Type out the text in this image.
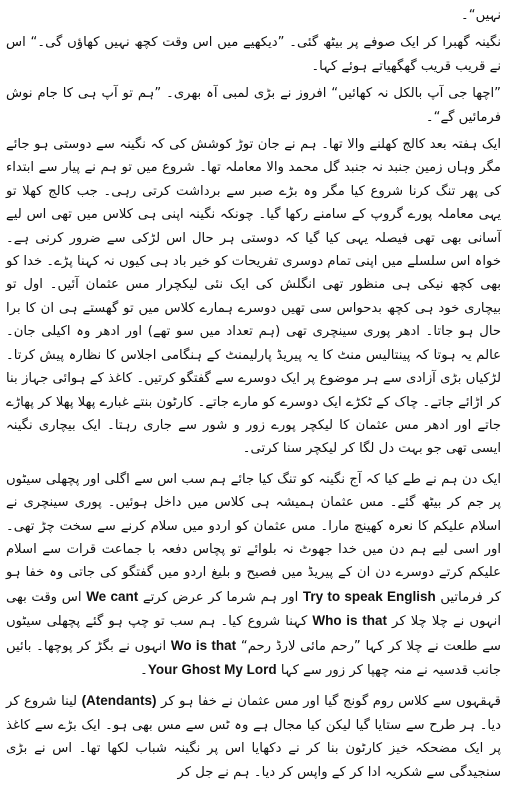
نہیں“۔

نگینہ گھبرا کر ایک صوفے پر بیٹھ گئی۔ ”دیکھیے میں اس وقت کچھ نہیں کھاؤں گی۔“ اس نے قریب قریب گھگھیاتے ہوئے کہا۔

”اچھا جی آپ بالکل نہ کھائیں“ افروز نے بڑی لمبی آہ بھری۔ ”ہم تو آپ ہی کا جام نوش فرمائیں گے“۔

ایک ہفتہ بعد کالج کھلنے والا تھا۔ ہم نے جان توڑ کوشش کی کہ نگینہ سے دوستی ہو جائے مگر وہاں زمین جنبد نہ جنبد گل محمد والا معاملہ تھا۔ شروع میں تو ہم نے پیار سے ابتداء کی پھر تنگ کرنا شروع کیا مگر وہ بڑے صبر سے برداشت کرتی رہی۔ جب کالج کھلا تو یہی معاملہ پورے گروپ کے سامنے رکھا گیا۔ چونکہ نگینہ اپنی ہی کلاس میں تھی اس لیے آسانی بھی تھی فیصلہ یہی کیا گیا کہ دوستی ہر حال اس لڑکی سے ضرور کرنی ہے۔ خواہ اس سلسلے میں اپنی تمام دوسری تفریحات کو خیر باد ہی کیوں نہ کہنا پڑے۔ خدا کو بھی کچھ نیکی ہی منظور تھی انگلش کی ایک نئی لیکچرار مس عثمان آئیں۔ اول تو بیچاری خود ہی کچھ بدحواس سی تھیں دوسرے ہمارے کلاس میں تو گھستے ہی ان کا برا حال ہو جاتا۔ ادھر پوری سینچری تھی (ہم تعداد میں سو تھے) اور ادھر وہ اکیلی جان۔ عالم یہ ہوتا کہ پینتالیس منٹ کا یہ پیریڈ پارلیمنٹ کے ہنگامی اجلاس کا نظارہ پیش کرتا۔ لڑکیاں بڑی آزادی سے ہر موضوع پر ایک دوسرے سے گفتگو کرتیں۔ کاغذ کے ہوائی جہاز بنا کر اڑائے جاتے۔ چاک کے ٹکڑے ایک دوسرے کو مارے جاتے۔ کارٹون بنتے غبارے پھلا پھلا کر پھاڑے جاتے اور ادھر مس عثمان کا لیکچر پورے زور و شور سے جاری رہتا۔ ایک بیچاری نگینہ ایسی تھی جو بہت دل لگا کر لیکچر سنا کرتی۔

ایک دن ہم نے طے کیا کہ آج نگینہ کو تنگ کیا جائے ہم سب اس سے اگلی اور پچھلی سیٹوں پر جم کر بیٹھ گئے۔ مس عثمان ہمیشہ ہی کلاس میں داخل ہوئیں۔ پوری سینچری نے اسلام علیکم کا نعرہ کھینچ مارا۔ مس عثمان کو اردو میں سلام کرنے سے سخت چڑ تھی۔ اور اسی لیے ہم دن میں خدا جھوٹ نہ بلوائے تو پچاس دفعہ با جماعت قرات سے اسلام علیکم کرتے دوسرے دن ان کے پیریڈ میں فصیح و بلیغ اردو میں گفتگو کی جاتی وہ خفا ہو کر فرماتیں Try to speak English اور ہم شرما کر عرض کرتے We cant اس وقت بھی انہوں نے چلا چلا کر Who is that کہنا شروع کیا۔ ہم سب تو چپ ہو گئے پچھلی سیٹوں سے طلعت نے چلا کر کہا ”رحم مائی لارڈ رحم“ Wo is that انہوں نے بگڑ کر پوچھا۔ بائیں جانب قدسیہ نے منہ چھپا کر زور سے کہا Your Ghost My Lord۔

قہقہوں سے کلاس روم گونج گیا اور مس عثمان نے خفا ہو کر (Atendants) لینا شروع کر دیا۔ ہر طرح سے ستایا گیا لیکن کیا مجال ہے وہ ٹس سے مس بھی ہو۔ ایک بڑے سے کاغذ پر ایک مضحکہ خیز کارٹون بنا کر نے دکھایا اس پر نگینہ شباب لکھا تھا۔ اس نے بڑی سنجیدگی سے شکریہ ادا کر کے واپس کر دیا۔ ہم نے جل کر
